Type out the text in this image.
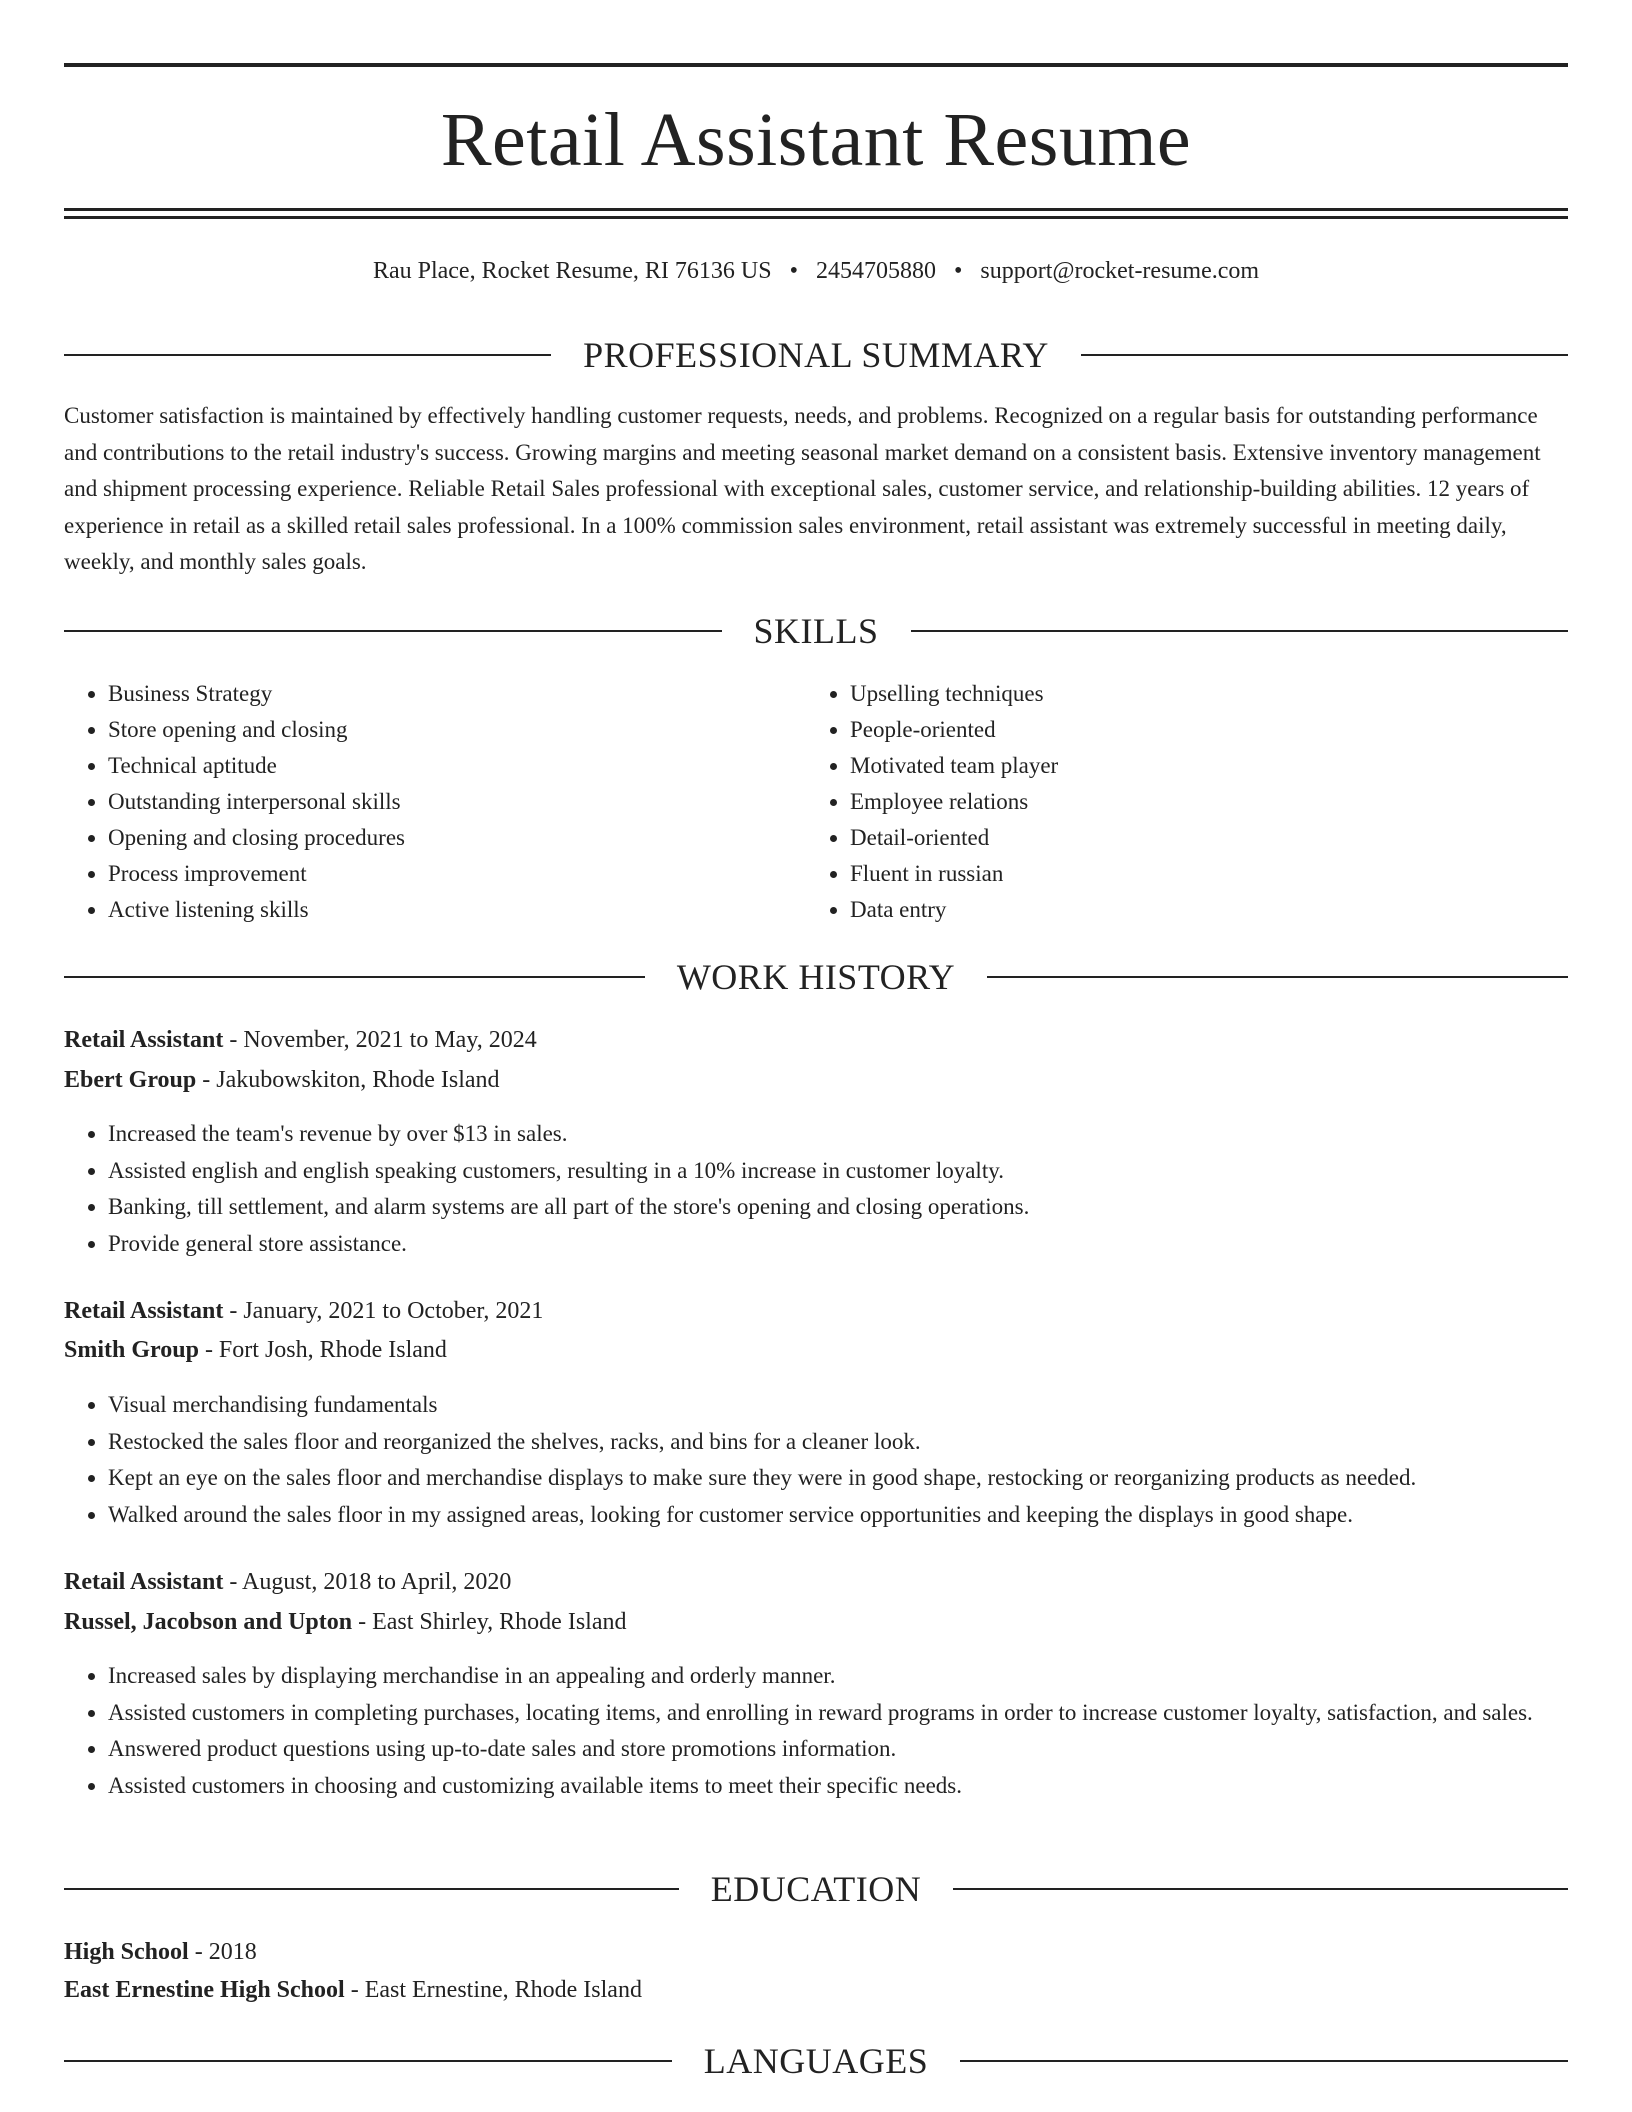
Retail Assistant Resume
Rau Place, Rocket Resume, RI 76136 US • 2454705880 • support@rocket-resume.com
PROFESSIONAL SUMMARY
Customer satisfaction is maintained by effectively handling customer requests, needs, and problems. Recognized on a regular basis for outstanding performance and contributions to the retail industry's success. Growing margins and meeting seasonal market demand on a consistent basis. Extensive inventory management and shipment processing experience. Reliable Retail Sales professional with exceptional sales, customer service, and relationship-building abilities. 12 years of experience in retail as a skilled retail sales professional. In a 100% commission sales environment, retail assistant was extremely successful in meeting daily, weekly, and monthly sales goals.
SKILLS
• Business Strategy
• Store opening and closing
• Technical aptitude
• Outstanding interpersonal skills
• Opening and closing procedures
• Process improvement
• Active listening skills
• Upselling techniques
• People-oriented
• Motivated team player
• Employee relations
• Detail-oriented
• Fluent in russian
• Data entry
WORK HISTORY
Retail Assistant - November, 2021 to May, 2024
Ebert Group - Jakubowskiton, Rhode Island
• Increased the team's revenue by over $13 in sales.
• Assisted english and english speaking customers, resulting in a 10% increase in customer loyalty.
• Banking, till settlement, and alarm systems are all part of the store's opening and closing operations.
• Provide general store assistance.
Retail Assistant - January, 2021 to October, 2021
Smith Group - Fort Josh, Rhode Island
• Visual merchandising fundamentals
• Restocked the sales floor and reorganized the shelves, racks, and bins for a cleaner look.
• Kept an eye on the sales floor and merchandise displays to make sure they were in good shape, restocking or reorganizing products as needed.
• Walked around the sales floor in my assigned areas, looking for customer service opportunities and keeping the displays in good shape.
Retail Assistant - August, 2018 to April, 2020
Russel, Jacobson and Upton - East Shirley, Rhode Island
• Increased sales by displaying merchandise in an appealing and orderly manner.
• Assisted customers in completing purchases, locating items, and enrolling in reward programs in order to increase customer loyalty, satisfaction, and sales.
• Answered product questions using up-to-date sales and store promotions information.
• Assisted customers in choosing and customizing available items to meet their specific needs.
EDUCATION
High School - 2018
East Ernestine High School - East Ernestine, Rhode Island
LANGUAGES
